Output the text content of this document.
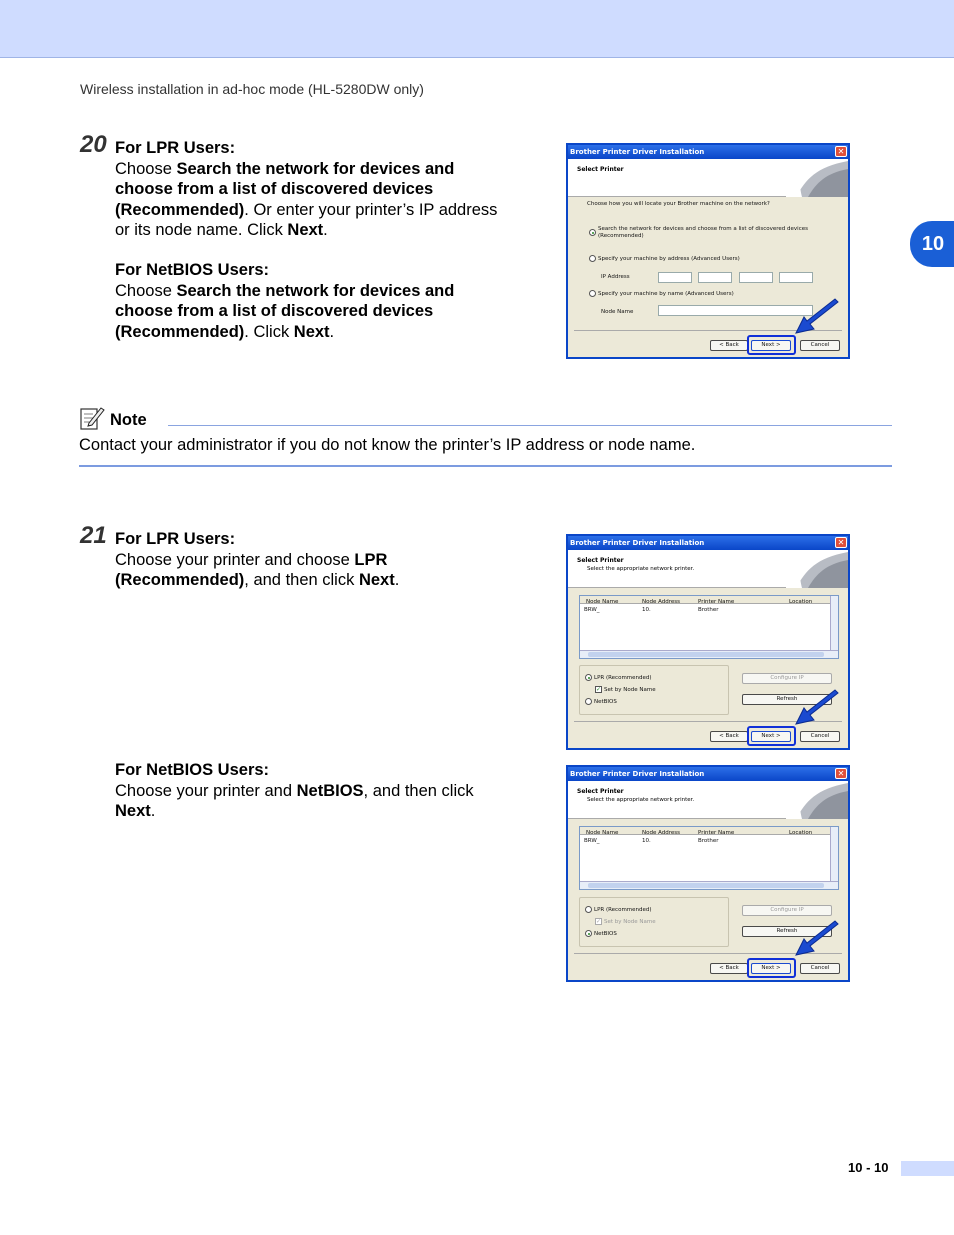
Wireless installation in ad-hoc mode (HL-5280DW only)
10
20 For LPR Users:
Choose Search the network for devices and choose from a list of discovered devices (Recommended). Or enter your printer’s IP address or its node name. Click Next.
For NetBIOS Users:
Choose Search the network for devices and choose from a list of discovered devices (Recommended). Click Next.
Brother Printer Driver Installation	✕
Select Printer
Choose how you will locate your Brother machine on the network?
Search the network for devices and choose from a list of discovered devices
(Recommended)
Specify your machine by address (Advanced Users)
IP Address
Specify your machine by name (Advanced Users)
Node Name
< Back	Next >	Cancel
Note
Contact your administrator if you do not know the printer’s IP address or node name.
21 For LPR Users:
Choose your printer and choose LPR (Recommended), and then click Next.
For NetBIOS Users:
Choose your printer and NetBIOS, and then click Next.
Brother Printer Driver Installation	✕
Select Printer
Select the appropriate network printer.
Node Name	Node Address	Printer Name	Location
BRW_	10.	Brother
LPR (Recommended)
✓ Set by Node Name
NetBIOS
Configure IP
Refresh
< Back	Next >	Cancel
Brother Printer Driver Installation	✕
Select Printer
Select the appropriate network printer.
Node Name	Node Address	Printer Name	Location
BRW_	10.	Brother
LPR (Recommended)
✓ Set by Node Name
NetBIOS
Configure IP
Refresh
< Back	Next >	Cancel
10 - 10
